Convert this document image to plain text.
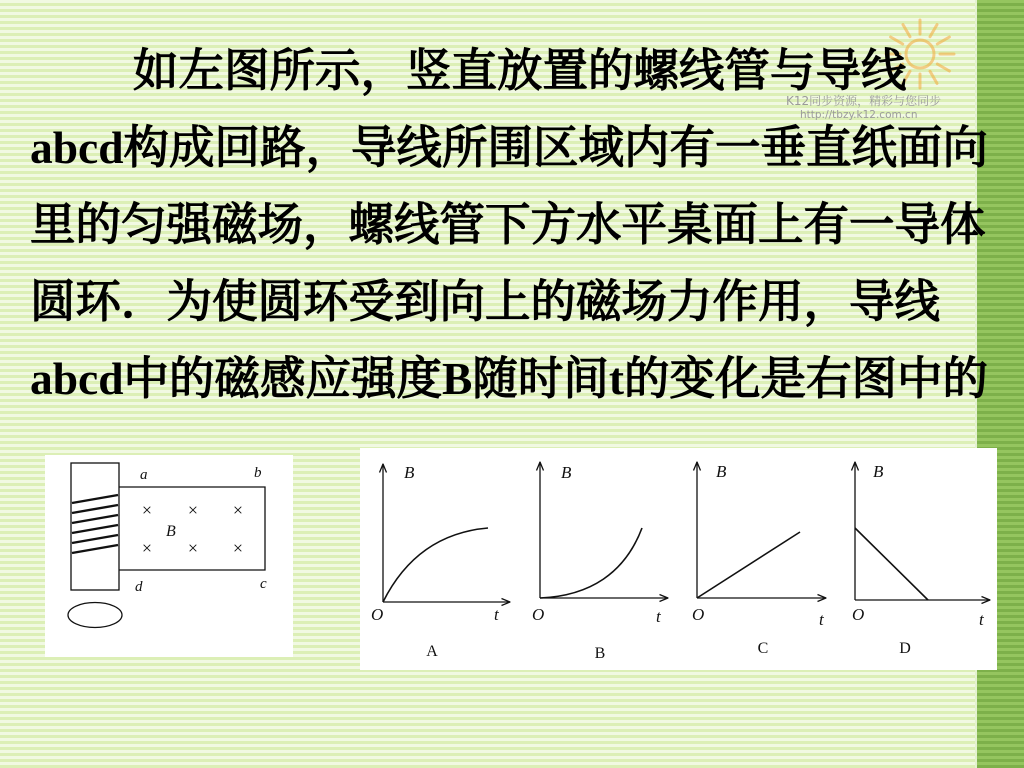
K12同步资源，精彩与您同步
http://tbzy.k12.com.cn
如左图所示，竖直放置的螺线管与导线
abcd构成回路，导线所围区域内有一垂直纸面向
里的匀强磁场，螺线管下方水平桌面上有一导体
圆环．为使圆环受到向上的磁场力作用，导线
abcd中的磁感应强度B随时间t的变化是右图中的
a	b
c
d
× × ×
× × ×
B
B
O	t
A
B
O	t
B
B
O	t
C
B
O	t
D
